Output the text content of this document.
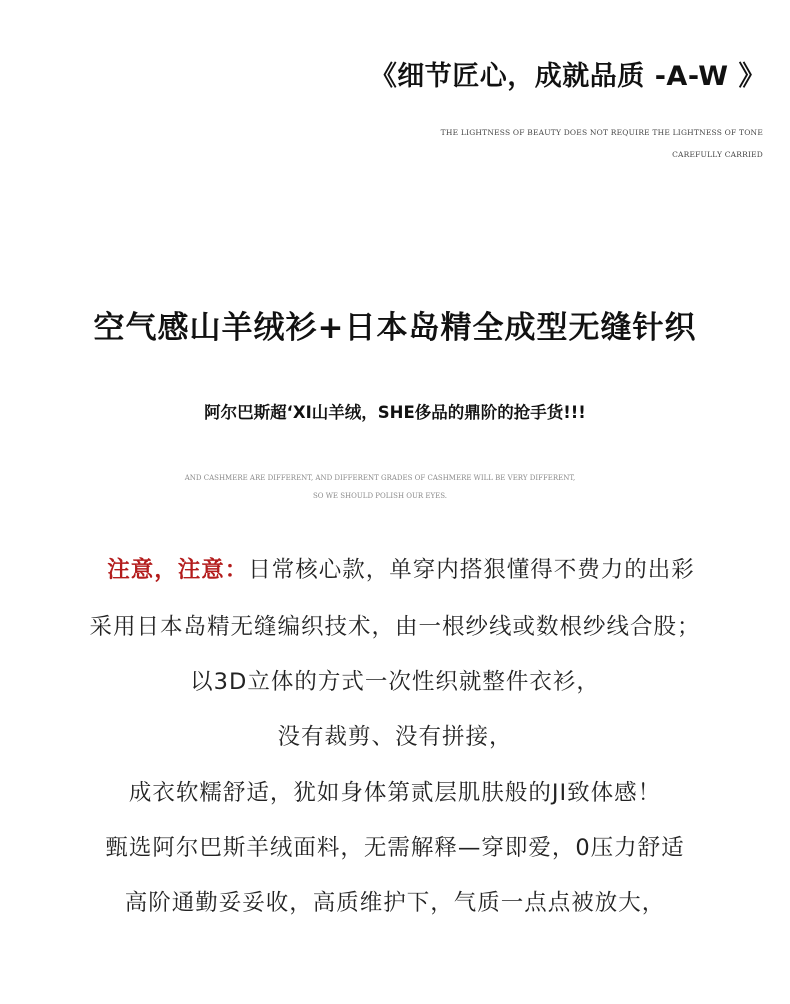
《细节匠心，成就品质 -A-W 》
THE LIGHTNESS OF BEAUTY DOES NOT REQUIRE THE LIGHTNESS OF TONE
CAREFULLY CARRIED
空气感山羊绒衫+日本岛精全成型无缝针织
阿尔巴斯超‘XI山羊绒，SHE侈品的鼎阶的抢手货!!!
AND CASHMERE ARE DIFFERENT, AND DIFFERENT GRADES OF CASHMERE WILL BE VERY DIFFERENT,
SO WE SHOULD POLISH OUR EYES.
注意，注意：日常核心款，单穿内搭狠懂得不费力的出彩
采用日本岛精无缝编织技术，由一根纱线或数根纱线合股；
以3D立体的方式一次性织就整件衣衫，
没有裁剪、没有拼接，
成衣软糯舒适，犹如身体第贰层肌肤般的JI致体感！
甄选阿尔巴斯羊绒面料，无需解释—穿即爱，0压力舒适
高阶通勤妥妥收，高质维护下，气质一点点被放大，
